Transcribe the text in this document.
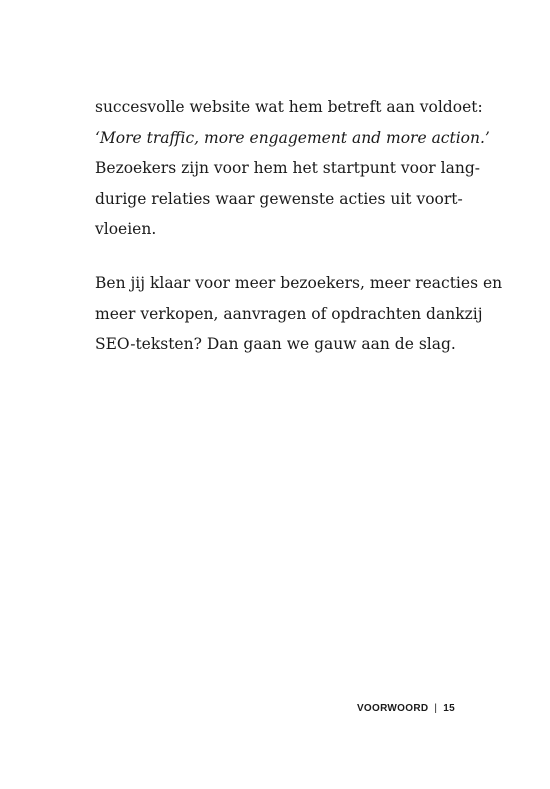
succesvolle website wat hem betreft aan voldoet:
‘More traffic, more engagement and more action.’
Bezoekers zijn voor hem het startpunt voor lang-
durige relaties waar gewenste acties uit voort-
vloeien.
Ben jij klaar voor meer bezoekers, meer reacties en
meer verkopen, aanvragen of opdrachten dankzij
SEO-teksten? Dan gaan we gauw aan de slag.
VOORWOORD | 15
